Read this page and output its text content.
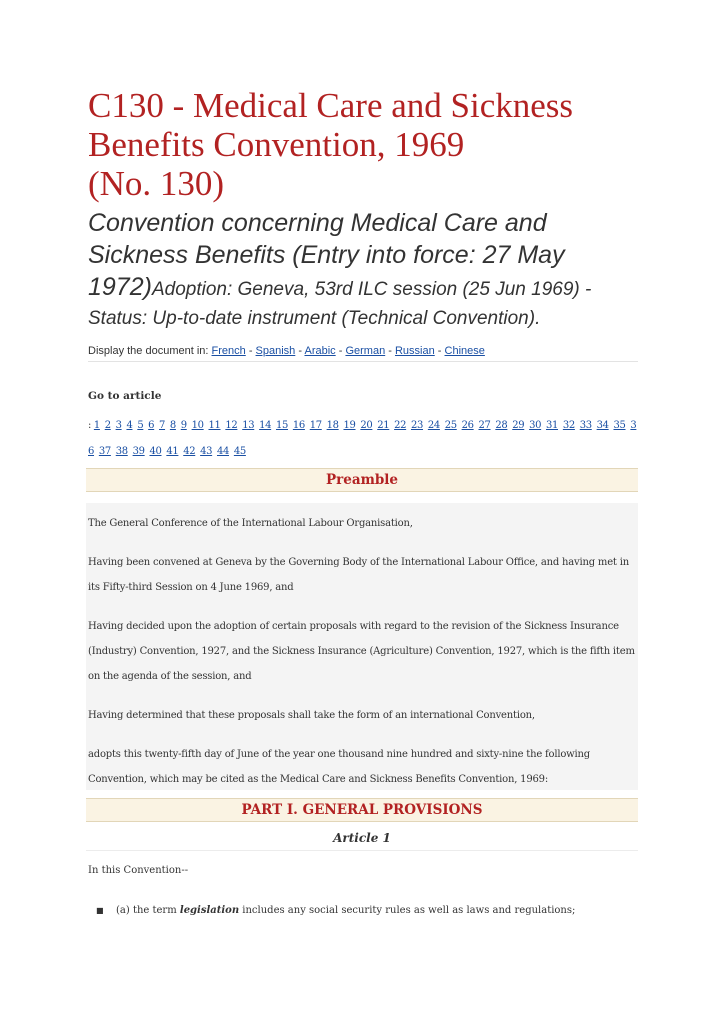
C130 - Medical Care and Sickness
Benefits Convention, 1969
(No. 130)
Convention concerning Medical Care and Sickness Benefits (Entry into force: 27 May 1972)Adoption: Geneva, 53rd ILC session (25 Jun 1969) - Status: Up-to-date instrument (Technical Convention).
Display the document in: French - Spanish - Arabic - German - Russian - Chinese
Go to article
: 1 2 3 4 5 6 7 8 9 10 11 12 13 14 15 16 17 18 19 20 21 22 23 24 25 26 27 28 29 30 31 32 33 34 35 36 37 38 39 40 41 42 43 44 45
Preamble

The General Conference of the International Labour Organisation,

Having been convened at Geneva by the Governing Body of the International Labour Office, and having met in its Fifty-third Session on 4 June 1969, and

Having decided upon the adoption of certain proposals with regard to the revision of the Sickness Insurance (Industry) Convention, 1927, and the Sickness Insurance (Agriculture) Convention, 1927, which is the fifth item on the agenda of the session, and

Having determined that these proposals shall take the form of an international Convention,

adopts this twenty-fifth day of June of the year one thousand nine hundred and sixty-nine the following Convention, which may be cited as the Medical Care and Sickness Benefits Convention, 1969:

PART I. GENERAL PROVISIONS
Article 1
In this Convention--
■ (a) the term legislation includes any social security rules as well as laws and regulations;
